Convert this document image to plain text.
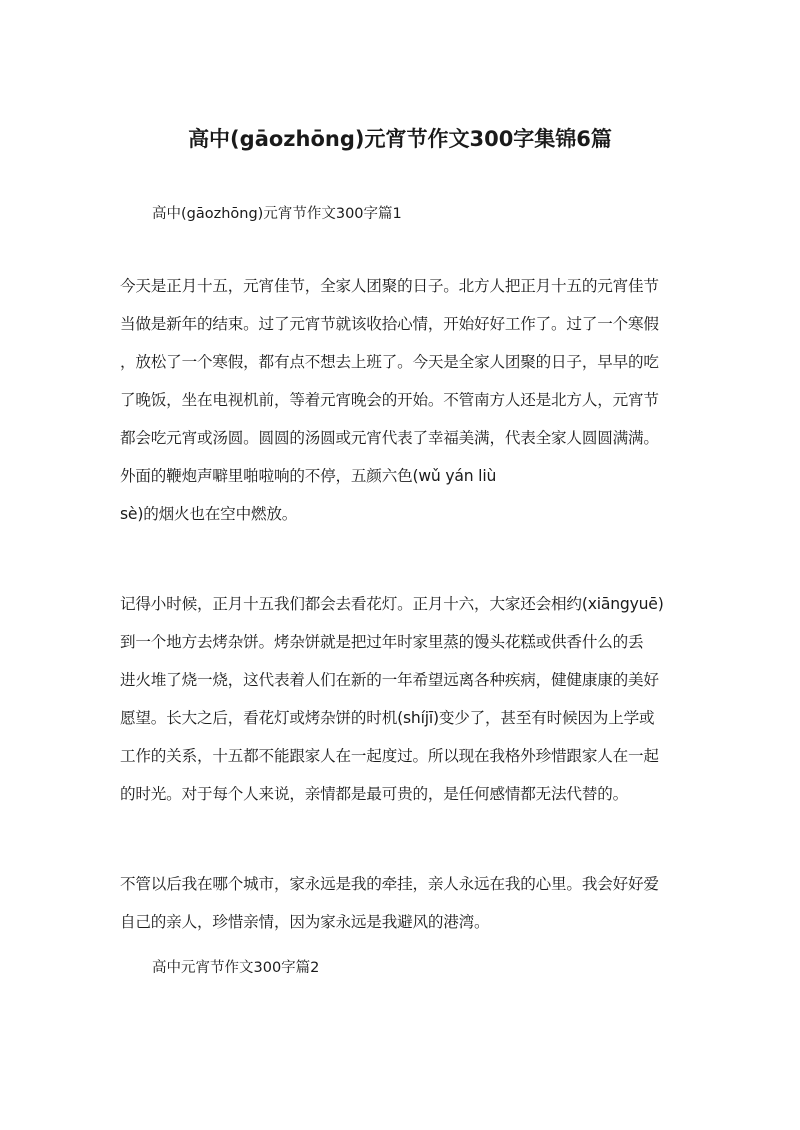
高中(gāozhōng)元宵节作文300字集锦6篇
高中(gāozhōng)元宵节作文300字篇1
今天是正月十五，元宵佳节，全家人团聚的日子。北方人把正月十五的元宵佳节
当做是新年的结束。过了元宵节就该收拾心情，开始好好工作了。过了一个寒假
，放松了一个寒假，都有点不想去上班了。今天是全家人团聚的日子，早早的吃
了晚饭，坐在电视机前，等着元宵晚会的开始。不管南方人还是北方人，元宵节
都会吃元宵或汤圆。圆圆的汤圆或元宵代表了幸福美满，代表全家人圆圆满满。
外面的鞭炮声噼里啪啦响的不停，五颜六色(wǔ yán liù
sè)的烟火也在空中燃放。
记得小时候，正月十五我们都会去看花灯。正月十六，大家还会相约(xiāngyuē)
到一个地方去烤杂饼。烤杂饼就是把过年时家里蒸的馒头花糕或供香什么的丢
进火堆了烧一烧，这代表着人们在新的一年希望远离各种疾病，健健康康的美好
愿望。长大之后，看花灯或烤杂饼的时机(shíjī)变少了，甚至有时候因为上学或
工作的关系，十五都不能跟家人在一起度过。所以现在我格外珍惜跟家人在一起
的时光。对于每个人来说，亲情都是最可贵的，是任何感情都无法代替的。
不管以后我在哪个城市，家永远是我的牵挂，亲人永远在我的心里。我会好好爱
自己的亲人，珍惜亲情，因为家永远是我避风的港湾。
高中元宵节作文300字篇2
